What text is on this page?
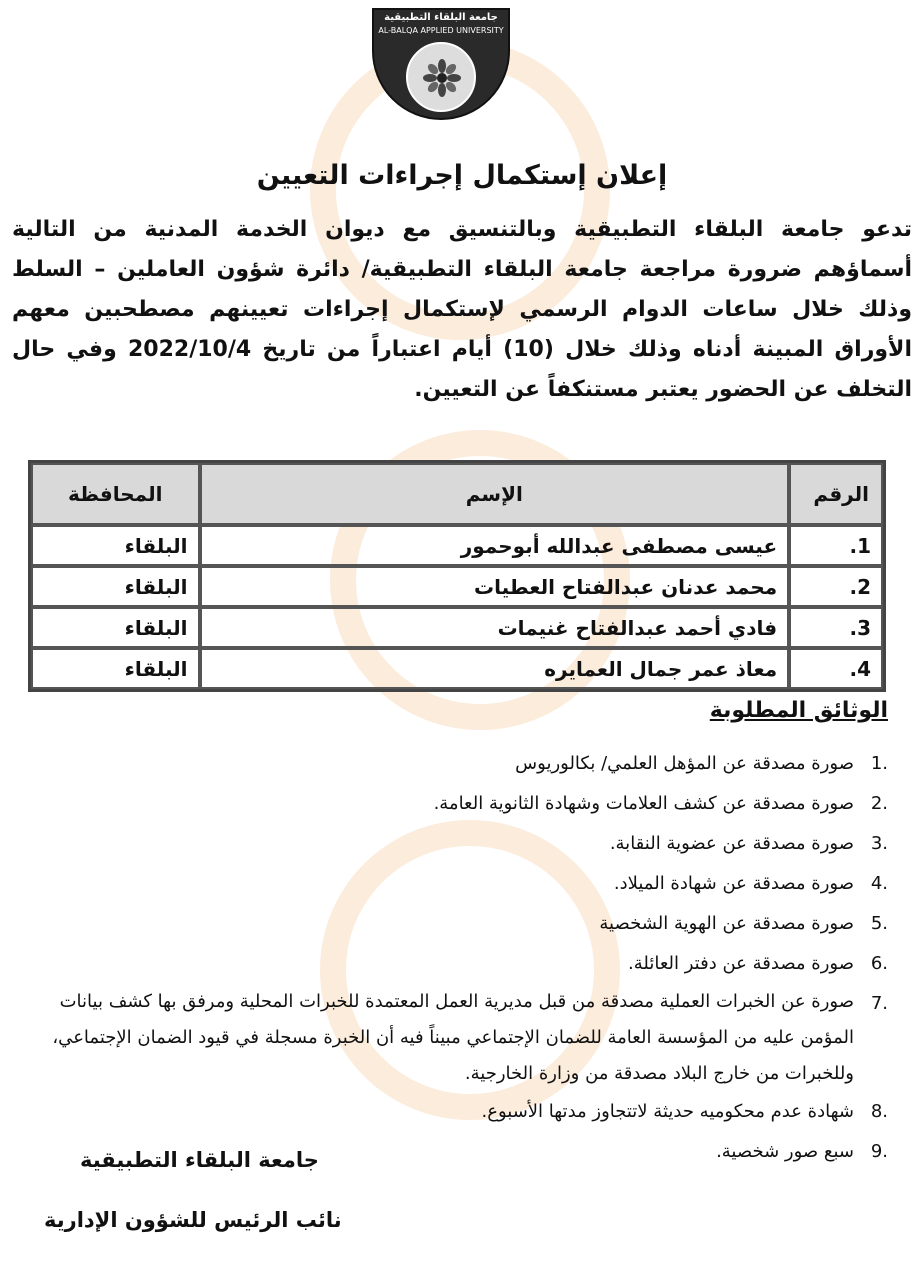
جامعة البلقاء التطبيقية
AL-BALQA APPLIED UNIVERSITY
إعلان إستكمال إجراءات التعيين

تدعو جامعة البلقاء التطبيقية وبالتنسيق مع ديوان الخدمة المدنية من التالية أسماؤهم ضرورة مراجعة جامعة البلقاء التطبيقية/ دائرة شؤون العاملين – السلط وذلك خلال ساعات الدوام الرسمي لإستكمال إجراءات تعيينهم مصطحبين معهم الأوراق المبينة أدناه وذلك خلال (10) أيام اعتباراً من تاريخ 2022/10/4 وفي حال التخلف عن الحضور يعتبر مستنكفاً عن التعيين.

الرقم	الإسم	المحافظة
1.	عيسى مصطفى عبدالله أبوحمور	البلقاء
2.	محمد عدنان عبدالفتاح العطيات	البلقاء
3.	فادي أحمد عبدالفتاح غنيمات	البلقاء
4.	معاذ عمر جمال العمايره	البلقاء
الوثائق المطلوبة
.1
صورة مصدقة عن المؤهل العلمي/ بكالوريوس
.2
صورة مصدقة عن كشف العلامات وشهادة الثانوية العامة.
.3
صورة مصدقة عن عضوية النقابة.
.4
صورة مصدقة عن شهادة الميلاد.
.5
صورة مصدقة عن الهوية الشخصية
.6
صورة مصدقة عن دفتر العائلة.
.7
صورة عن الخبرات العملية مصدقة من قبل مديرية العمل المعتمدة للخبرات المحلية ومرفق بها كشف بيانات المؤمن عليه من المؤسسة العامة للضمان الإجتماعي مبيناً فيه أن الخبرة مسجلة في قيود الضمان الإجتماعي، وللخبرات من خارج البلاد مصدقة من وزارة الخارجية.
.8
شهادة عدم محكوميه حديثة لاتتجاوز مدتها الأسبوع.
.9
سبع صور شخصية.
جامعة البلقاء التطبيقية
نائب الرئيس للشؤون الإدارية
